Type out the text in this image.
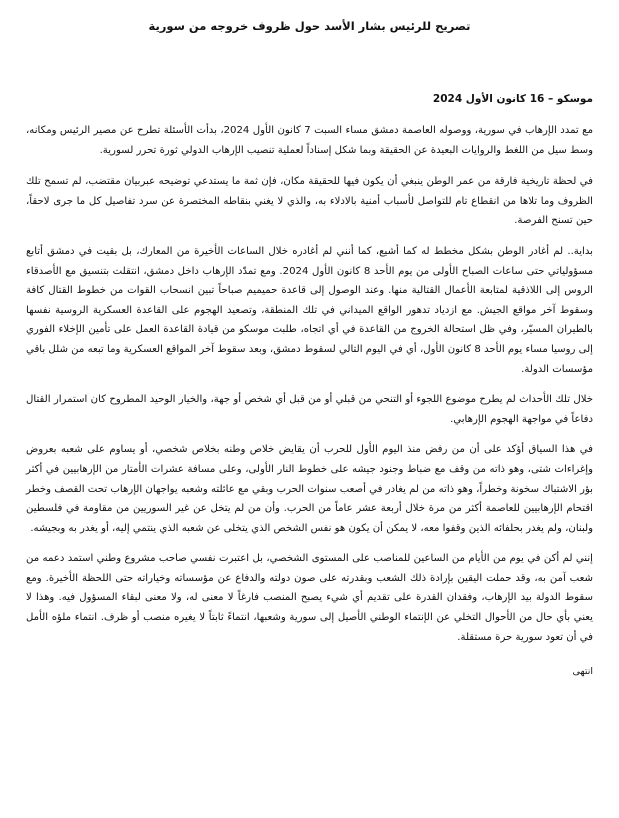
تصريح للرئيس بشار الأسد حول ظروف خروجه من سورية
موسكو – 16 كانون الأول 2024

مع تمدد الإرهاب في سورية، ووصوله العاصمة دمشق مساء السبت 7 كانون الأول 2024، بدأت الأسئلة تطرح عن مصير الرئيس ومكانه، وسط سيل من اللغط والروايات البعيدة عن الحقيقة وبما شكل إسناداً لعملية تنصيب الإرهاب الدولي ثورة تحرر لسورية.

في لحظة تاريخية فارقة من عمر الوطن ينبغي أن يكون فيها للحقيقة مكان، فإن ثمة ما يستدعي توضيحه عبربيان مقتضب، لم تسمح تلك الظروف وما تلاها من انقطاع تام للتواصل لأسباب أمنية بالادلاء به، والذي لا يغني بنقاطه المختصرة عن سرد تفاصيل كل ما جرى لاحقاً، حين تسنح الفرصة.

بداية.. لم أغادر الوطن بشكل مخطط له كما أشيع، كما أنني لم أغادره خلال الساعات الأخيرة من المعارك، بل بقيت في دمشق أتابع مسؤولياتي حتى ساعات الصباح الأولى من يوم الأحد 8 كانون الأول 2024. ومع تمدّد الإرهاب داخل دمشق، انتقلت بتنسيق مع الأصدقاء الروس إلى اللاذقية لمتابعة الأعمال القتالية منها. وعند الوصول إلى قاعدة حميميم صباحاً تبين انسحاب القوات من خطوط القتال كافة وسقوط آخر مواقع الجيش. مع ازدياد تدهور الواقع الميداني في تلك المنطقة، وتصعيد الهجوم على القاعدة العسكرية الروسية نفسها بالطيران المسيّر، وفي ظل استحالة الخروج من القاعدة في أي اتجاه، طلبت موسكو من قيادة القاعدة العمل على تأمين الإخلاء الفوري إلى روسيا مساء يوم الأحد 8 كانون الأول، أي في اليوم التالي لسقوط دمشق، وبعد سقوط آخر المواقع العسكرية وما تبعه من شلل باقي مؤسسات الدولة.

خلال تلك الأحداث لم يطرح موضوع اللجوء أو التنحي من قبلي أو من قبل أي شخص أو جهة، والخيار الوحيد المطروح كان استمرار القتال دفاعاً في مواجهة الهجوم الإرهابي.

في هذا السياق أؤكد على أن من رفض منذ اليوم الأول للحرب أن يقايض خلاص وطنه بخلاص شخصي، أو يساوم على شعبه بعروض وإغراءات شتى، وهو ذاته من وقف مع ضباط وجنود جيشه على خطوط النار الأولى، وعلى مسافة عشرات الأمتار من الإرهابيين في أكثر بؤر الاشتباك سخونة وخطراً، وهو ذاته من لم يغادر في أصعب سنوات الحرب وبقي مع عائلته وشعبه يواجهان الإرهاب تحت القصف وخطر اقتحام الإرهابيين للعاصمة أكثر من مرة خلال أربعة عشر عاماً من الحرب. وأن من لم يتخل عن غير السوريين من مقاومة في فلسطين ولبنان، ولم يغدر بحلفائه الذين وقفوا معه، لا يمكن أن يكون هو نفس الشخص الذي يتخلى عن شعبه الذي ينتمي إليه، أو يغدر به وبجيشه.

إنني لم أكن في يوم من الأيام من الساعين للمناصب على المستوى الشخصي، بل اعتبرت نفسي صاحب مشروع وطني استمد دعمه من شعب آمن به، وقد حملت اليقين بإرادة ذلك الشعب وبقدرته على صون دولته والدفاع عن مؤسساته وخياراته حتى اللحظة الأخيرة. ومع سقوط الدولة بيد الإرهاب، وفقدان القدرة على تقديم أي شيء يصبح المنصب فارغاً لا معنى له، ولا معنى لبقاء المسؤول فيه. وهذا لا يعني بأي حال من الأحوال التخلي عن الإنتماء الوطني الأصيل إلى سورية وشعبها، انتماءً ثابتاً لا يغيره منصب أو ظرف. انتماء ملؤه الأمل في أن تعود سورية حرة مستقلة.

انتهى
